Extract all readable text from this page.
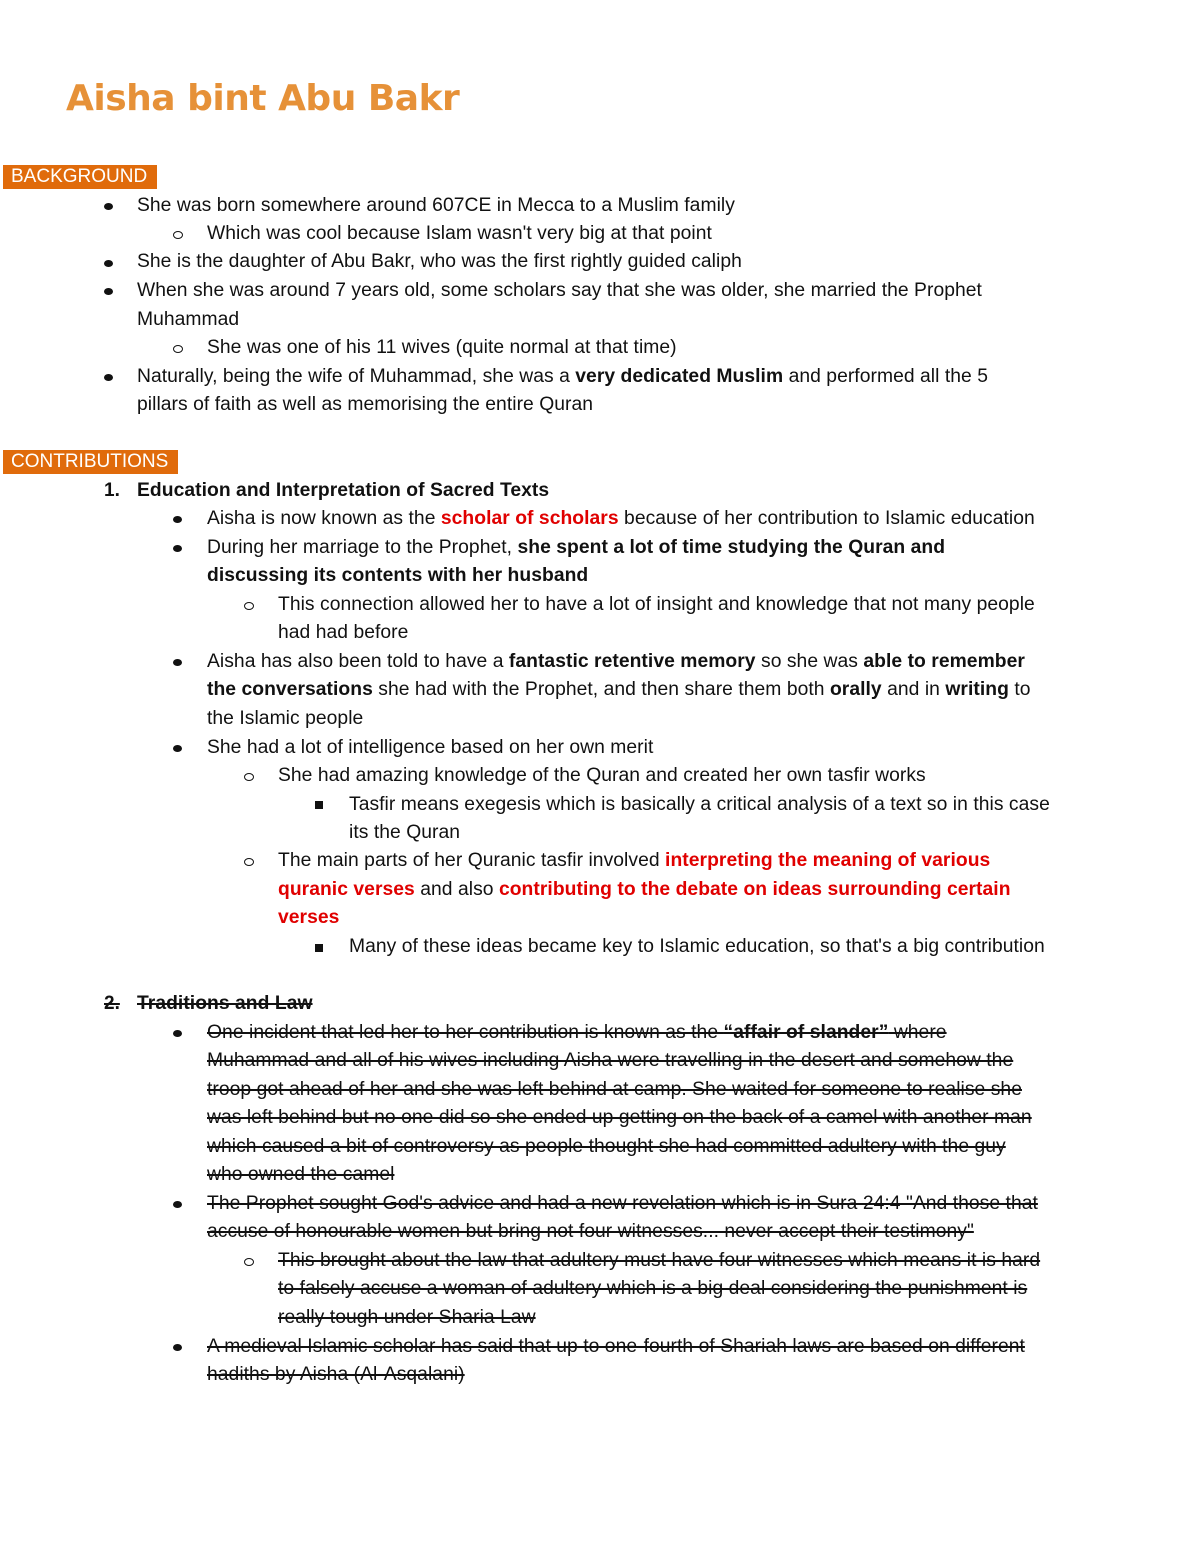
Aisha bint Abu Bakr
BACKGROUND
She was born somewhere around 607CE in Mecca to a Muslim family
Which was cool because Islam wasn't very big at that point
She is the daughter of Abu Bakr, who was the first rightly guided caliph
When she was around 7 years old, some scholars say that she was older, she married the Prophet
Muhammad
She was one of his 11 wives (quite normal at that time)
Naturally, being the wife of Muhammad, she was a very dedicated Muslim and performed all the 5
pillars of faith as well as memorising the entire Quran
CONTRIBUTIONS
1. Education and Interpretation of Sacred Texts
Aisha is now known as the scholar of scholars because of her contribution to Islamic education
During her marriage to the Prophet, she spent a lot of time studying the Quran and
discussing its contents with her husband
This connection allowed her to have a lot of insight and knowledge that not many people
had had before
Aisha has also been told to have a fantastic retentive memory so she was able to remember
the conversations she had with the Prophet, and then share them both orally and in writing to
the Islamic people
She had a lot of intelligence based on her own merit
She had amazing knowledge of the Quran and created her own tasfir works
Tasfir means exegesis which is basically a critical analysis of a text so in this case
its the Quran
The main parts of her Quranic tasfir involved interpreting the meaning of various
quranic verses and also contributing to the debate on ideas surrounding certain
verses
Many of these ideas became key to Islamic education, so that's a big contribution
2. Traditions and Law
One incident that led her to her contribution is known as the “affair of slander” where
Muhammad and all of his wives including Aisha were travelling in the desert and somehow the
troop got ahead of her and she was left behind at camp. She waited for someone to realise she
was left behind but no one did so she ended up getting on the back of a camel with another man
which caused a bit of controversy as people thought she had committed adultery with the guy
who owned the camel
The Prophet sought God's advice and had a new revelation which is in Sura 24:4 "And those that
accuse of honourable women but bring not four witnesses... never accept their testimony"
This brought about the law that adultery must have four witnesses which means it is hard
to falsely accuse a woman of adultery which is a big deal considering the punishment is
really tough under Sharia Law
A medieval Islamic scholar has said that up to one-fourth of Shariah laws are based on different
hadiths by Aisha (Al-Asqalani)
